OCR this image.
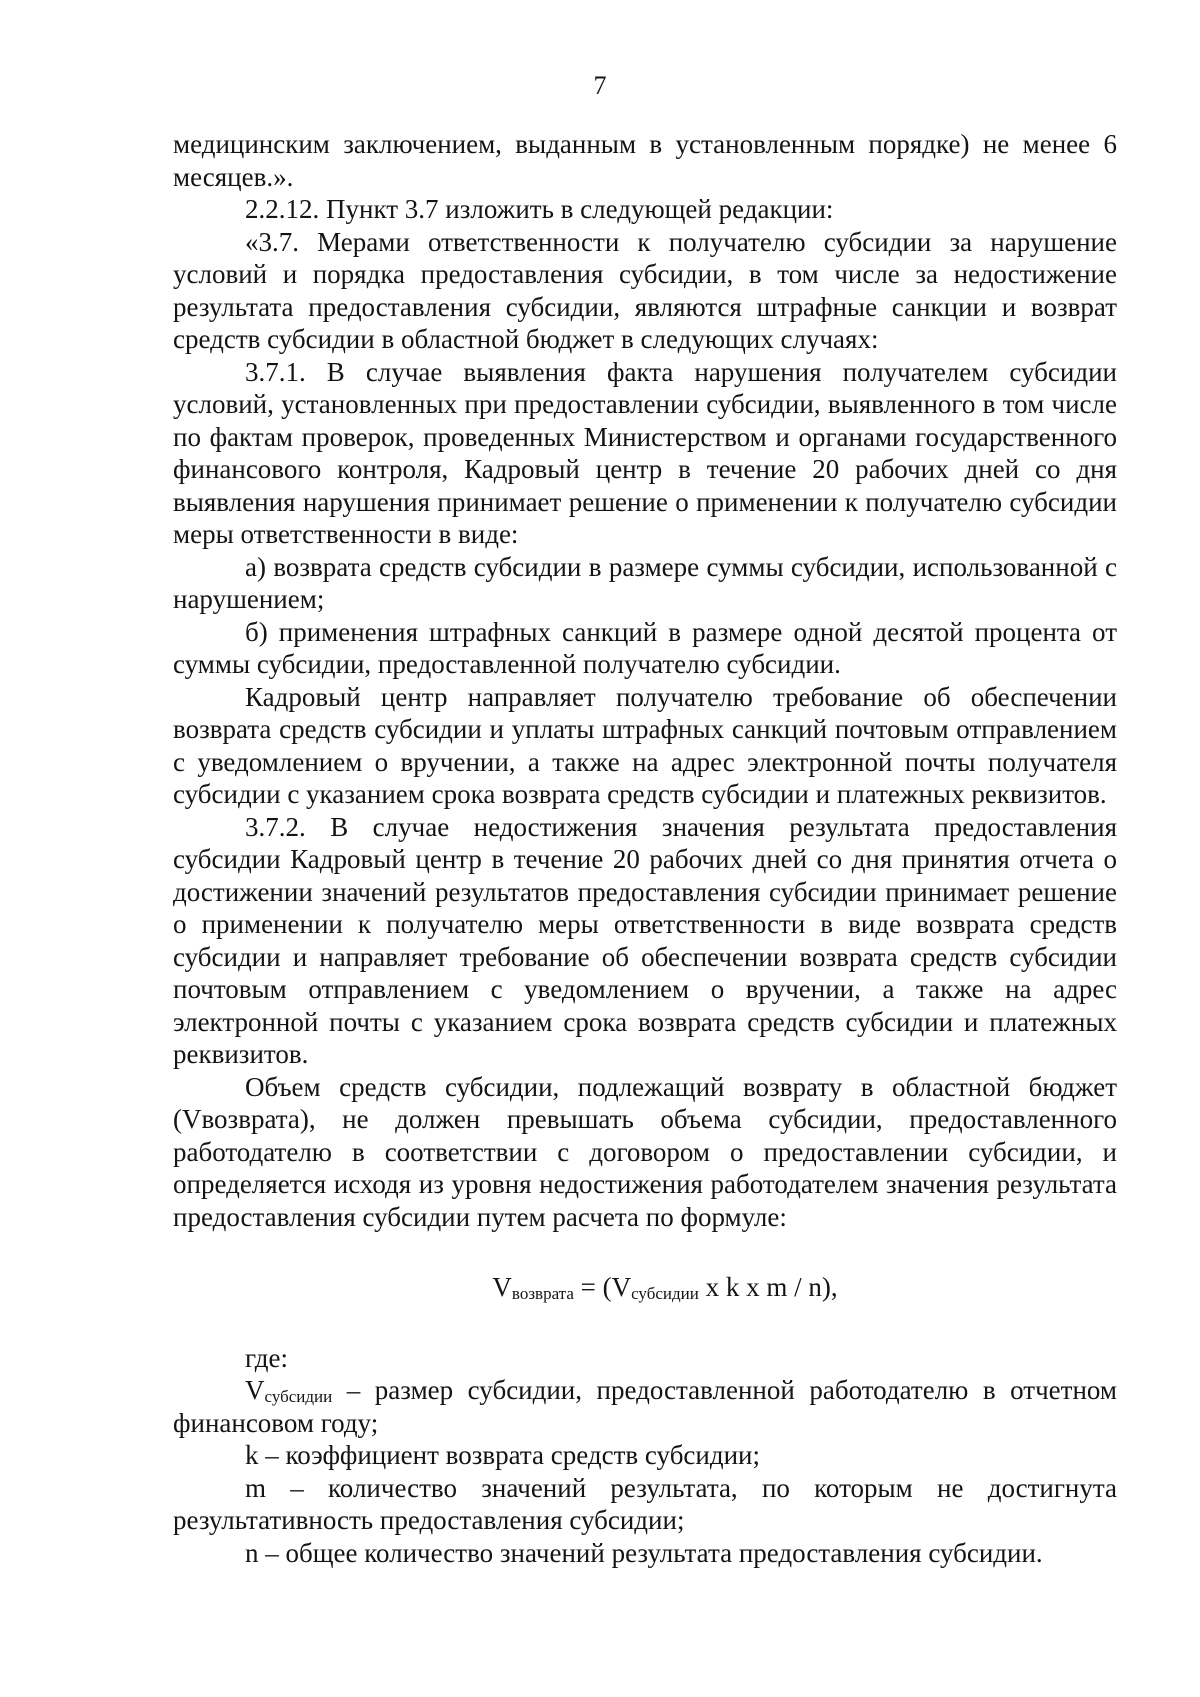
7

медицинским заключением, выданным в установленным порядке) не менее 6 месяцев.».

2.2.12. Пункт 3.7 изложить в следующей редакции:

«3.7. Мерами ответственности к получателю субсидии за нарушение условий и порядка предоставления субсидии, в том числе за недостижение результата предоставления субсидии, являются штрафные санкции и возврат средств субсидии в областной бюджет в следующих случаях:

3.7.1. В случае выявления факта нарушения получателем субсидии условий, установленных при предоставлении субсидии, выявленного в том числе по фактам проверок, проведенных Министерством и органами государственного финансового контроля, Кадровый центр в течение 20 рабочих дней со дня выявления нарушения принимает решение о применении к получателю субсидии меры ответственности в виде:

а) возврата средств субсидии в размере суммы субсидии, использованной с нарушением;

б) применения штрафных санкций в размере одной десятой процента от суммы субсидии, предоставленной получателю субсидии.

Кадровый центр направляет получателю требование об обеспечении возврата средств субсидии и уплаты штрафных санкций почтовым отправлением с уведомлением о вручении, а также на адрес электронной почты получателя субсидии с указанием срока возврата средств субсидии и платежных реквизитов.

3.7.2. В случае недостижения значения результата предоставления субсидии Кадровый центр в течение 20 рабочих дней со дня принятия отчета о достижении значений результатов предоставления субсидии принимает решение о применении к получателю меры ответственности в виде возврата средств субсидии и направляет требование об обеспечении возврата средств субсидии почтовым отправлением с уведомлением о вручении, а также на адрес электронной почты с указанием срока возврата средств субсидии и платежных реквизитов.

Объем средств субсидии, подлежащий возврату в областной бюджет (Vвозврата), не должен превышать объема субсидии, предоставленного работодателю в соответствии с договором о предоставлении субсидии, и определяется исходя из уровня недостижения работодателем значения результата предоставления субсидии путем расчета по формуле:

$V_{возврата} = (V_{субсидии}$ x k x m / n),

где:

$V_{субсидии}$ – размер субсидии, предоставленной работодателю в отчетном финансовом году;

k – коэффициент возврата средств субсидии;

m – количество значений результата, по которым не достигнута результативность предоставления субсидии;

n – общее количество значений результата предоставления субсидии.
